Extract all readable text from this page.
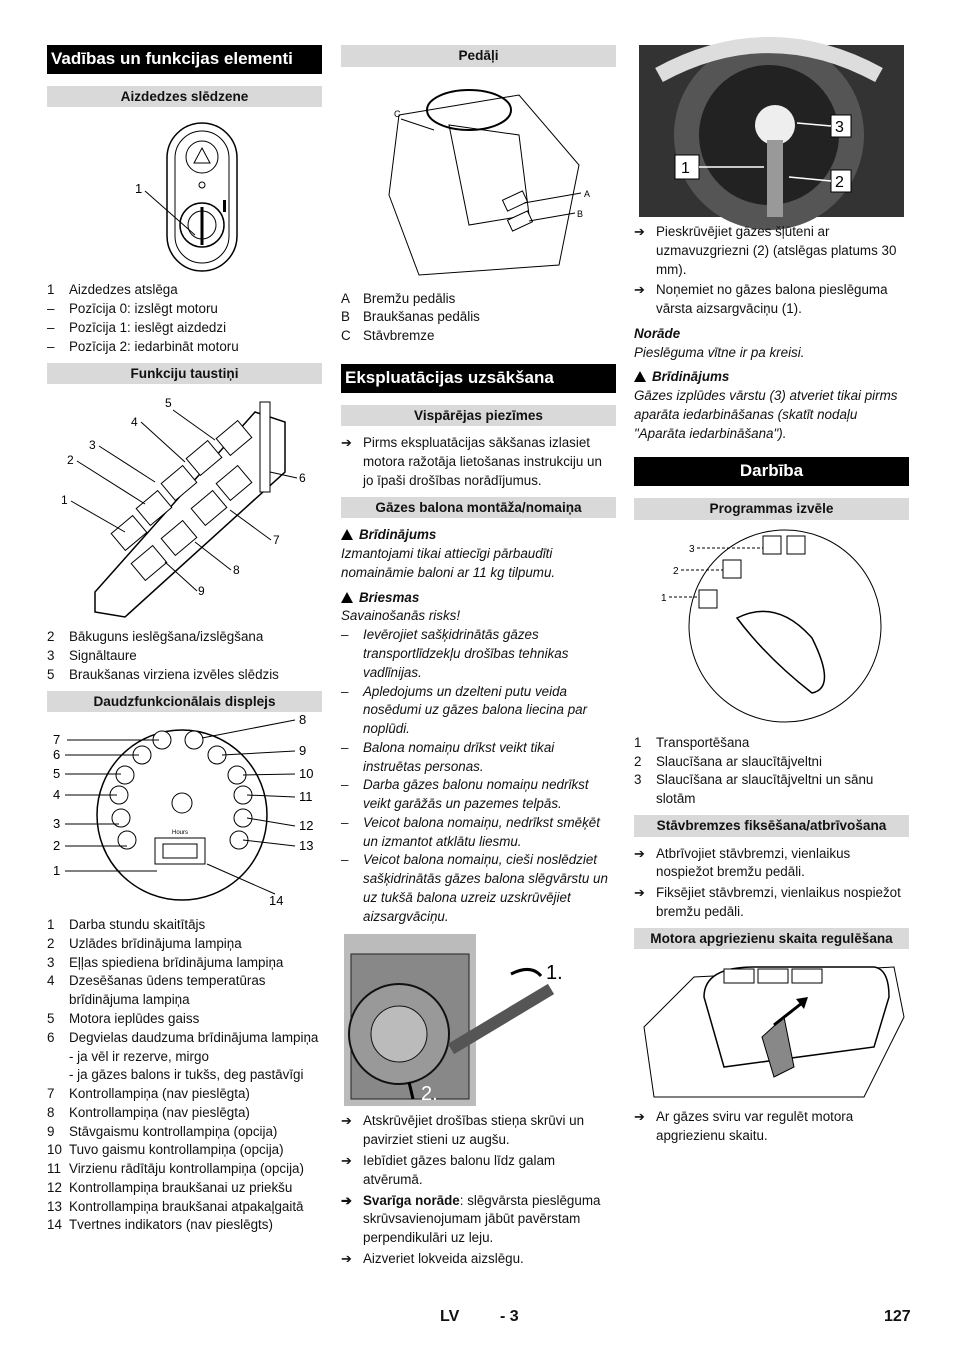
Vadības un funkcijas elementi
Aizdedzes slēdzene
1
1	Aizdedzes atslēga
–	Pozīcija 0: izslēgt motoru
–	Pozīcija 1: ieslēgt aizdedzi
–	Pozīcija 2: iedarbināt motoru
Funkciju taustiņi
1
2
3
4
5
6
7
8
9
2	Bākuguns ieslēgšana/izslēgšana
3	Signāltaure
5	Braukšanas virziena izvēles slēdzis
Daudzfunkcionālais displejs
Hours
1
2
3
4
5
6
7
8
9
10
11
12
13
14
1	Darba stundu skaitītājs
2	Uzlādes brīdinājuma lampiņa
3	Eļļas spiediena brīdinājuma lampiņa
4	Dzesēšanas ūdens temperatūras brīdinājuma lampiņa
5	Motora ieplūdes gaiss
6	Degvielas daudzuma brīdinājuma lampiņa
- ja vēl ir rezerve, mirgo
- ja gāzes balons ir tukšs, deg pastāvīgi
7	Kontrollampiņa (nav pieslēgta)
8	Kontrollampiņa (nav pieslēgta)
9	Stāvgaismu kontrollampiņa (opcija)
10 Tuvo gaismu kontrollampiņa (opcija)
11 Virzienu rādītāju kontrollampiņa (opcija)
12 Kontrollampiņa braukšanai uz priekšu
13 Kontrollampiņa braukšanai atpakaļgaitā
14 Tvertnes indikators (nav pieslēgts)
Pedāļi
A
B
C
A Bremžu pedālis
B Braukšanas pedālis
C Stāvbremze
Ekspluatācijas uzsākšana
Vispārējas piezīmes
➔ Pirms ekspluatācijas sākšanas izlasiet motora ražotāja lietošanas instrukciju un jo īpaši drošības norādījumus.
Gāzes balona montāža/nomaiņa
Brīdinājums
Izmantojami tikai attiecīgi pārbaudīti nomaināmie baloni ar 11 kg tilpumu.
Briesmas
Savainošanās risks!
–	Ievērojiet sašķidrinātās gāzes transportlīdzekļu drošības tehnikas vadlīnijas.
–	Apledojums un dzelteni putu veida nosēdumi uz gāzes balona liecina par noplūdi.
–	Balona nomaiņu drīkst veikt tikai instruētas personas.
–	Darba gāzes balonu nomaiņu nedrīkst veikt garāžās un pazemes telpās.
–	Veicot balona nomaiņu, nedrīkst smēķēt un izmantot atklātu liesmu.
–	Veicot balona nomaiņu, cieši noslēdziet sašķidrinātās gāzes balona slēgvārstu un uz tukšā balona uzreiz uzskrūvējiet aizsargvāciņu.
1.
2.
➔ Atskrūvējiet drošības stieņa skrūvi un pavirziet stieni uz augšu.
➔ Iebīdiet gāzes balonu līdz galam atvērumā.
➔ Svarīga norāde: slēgvārsta pieslēguma skrūvsavienojumam jābūt pavērstam perpendikulāri uz leju.
➔ Aizveriet lokveida aizslēgu.
1
2
3
➔ Pieskrūvējiet gāzes šļūteni ar uzmavuzgriezni (2) (atslēgas platums 30 mm).
➔ Noņemiet no gāzes balona pieslēguma vārsta aizsargvāciņu (1).
Norāde
Pieslēguma vītne ir pa kreisi.
Brīdinājums
Gāzes izplūdes vārstu (3) atveriet tikai pirms aparāta iedarbināšanas (skatīt nodaļu "Aparāta iedarbināšana").
Darbība
Programmas izvēle
1
2
3
1	Transportēšana
2	Slaucīšana ar slaucītājveltni
3	Slaucīšana ar slaucītājveltni un sānu slotām
Stāvbremzes fiksēšana/atbrīvošana
➔ Atbrīvojiet stāvbremzi, vienlaikus nospiežot bremžu pedāli.
➔ Fiksējiet stāvbremzi, vienlaikus nospiežot bremžu pedāli.
Motora apgriezienu skaita regulēšana
➔ Ar gāzes sviru var regulēt motora apgriezienu skaitu.
LV	- 3	127
